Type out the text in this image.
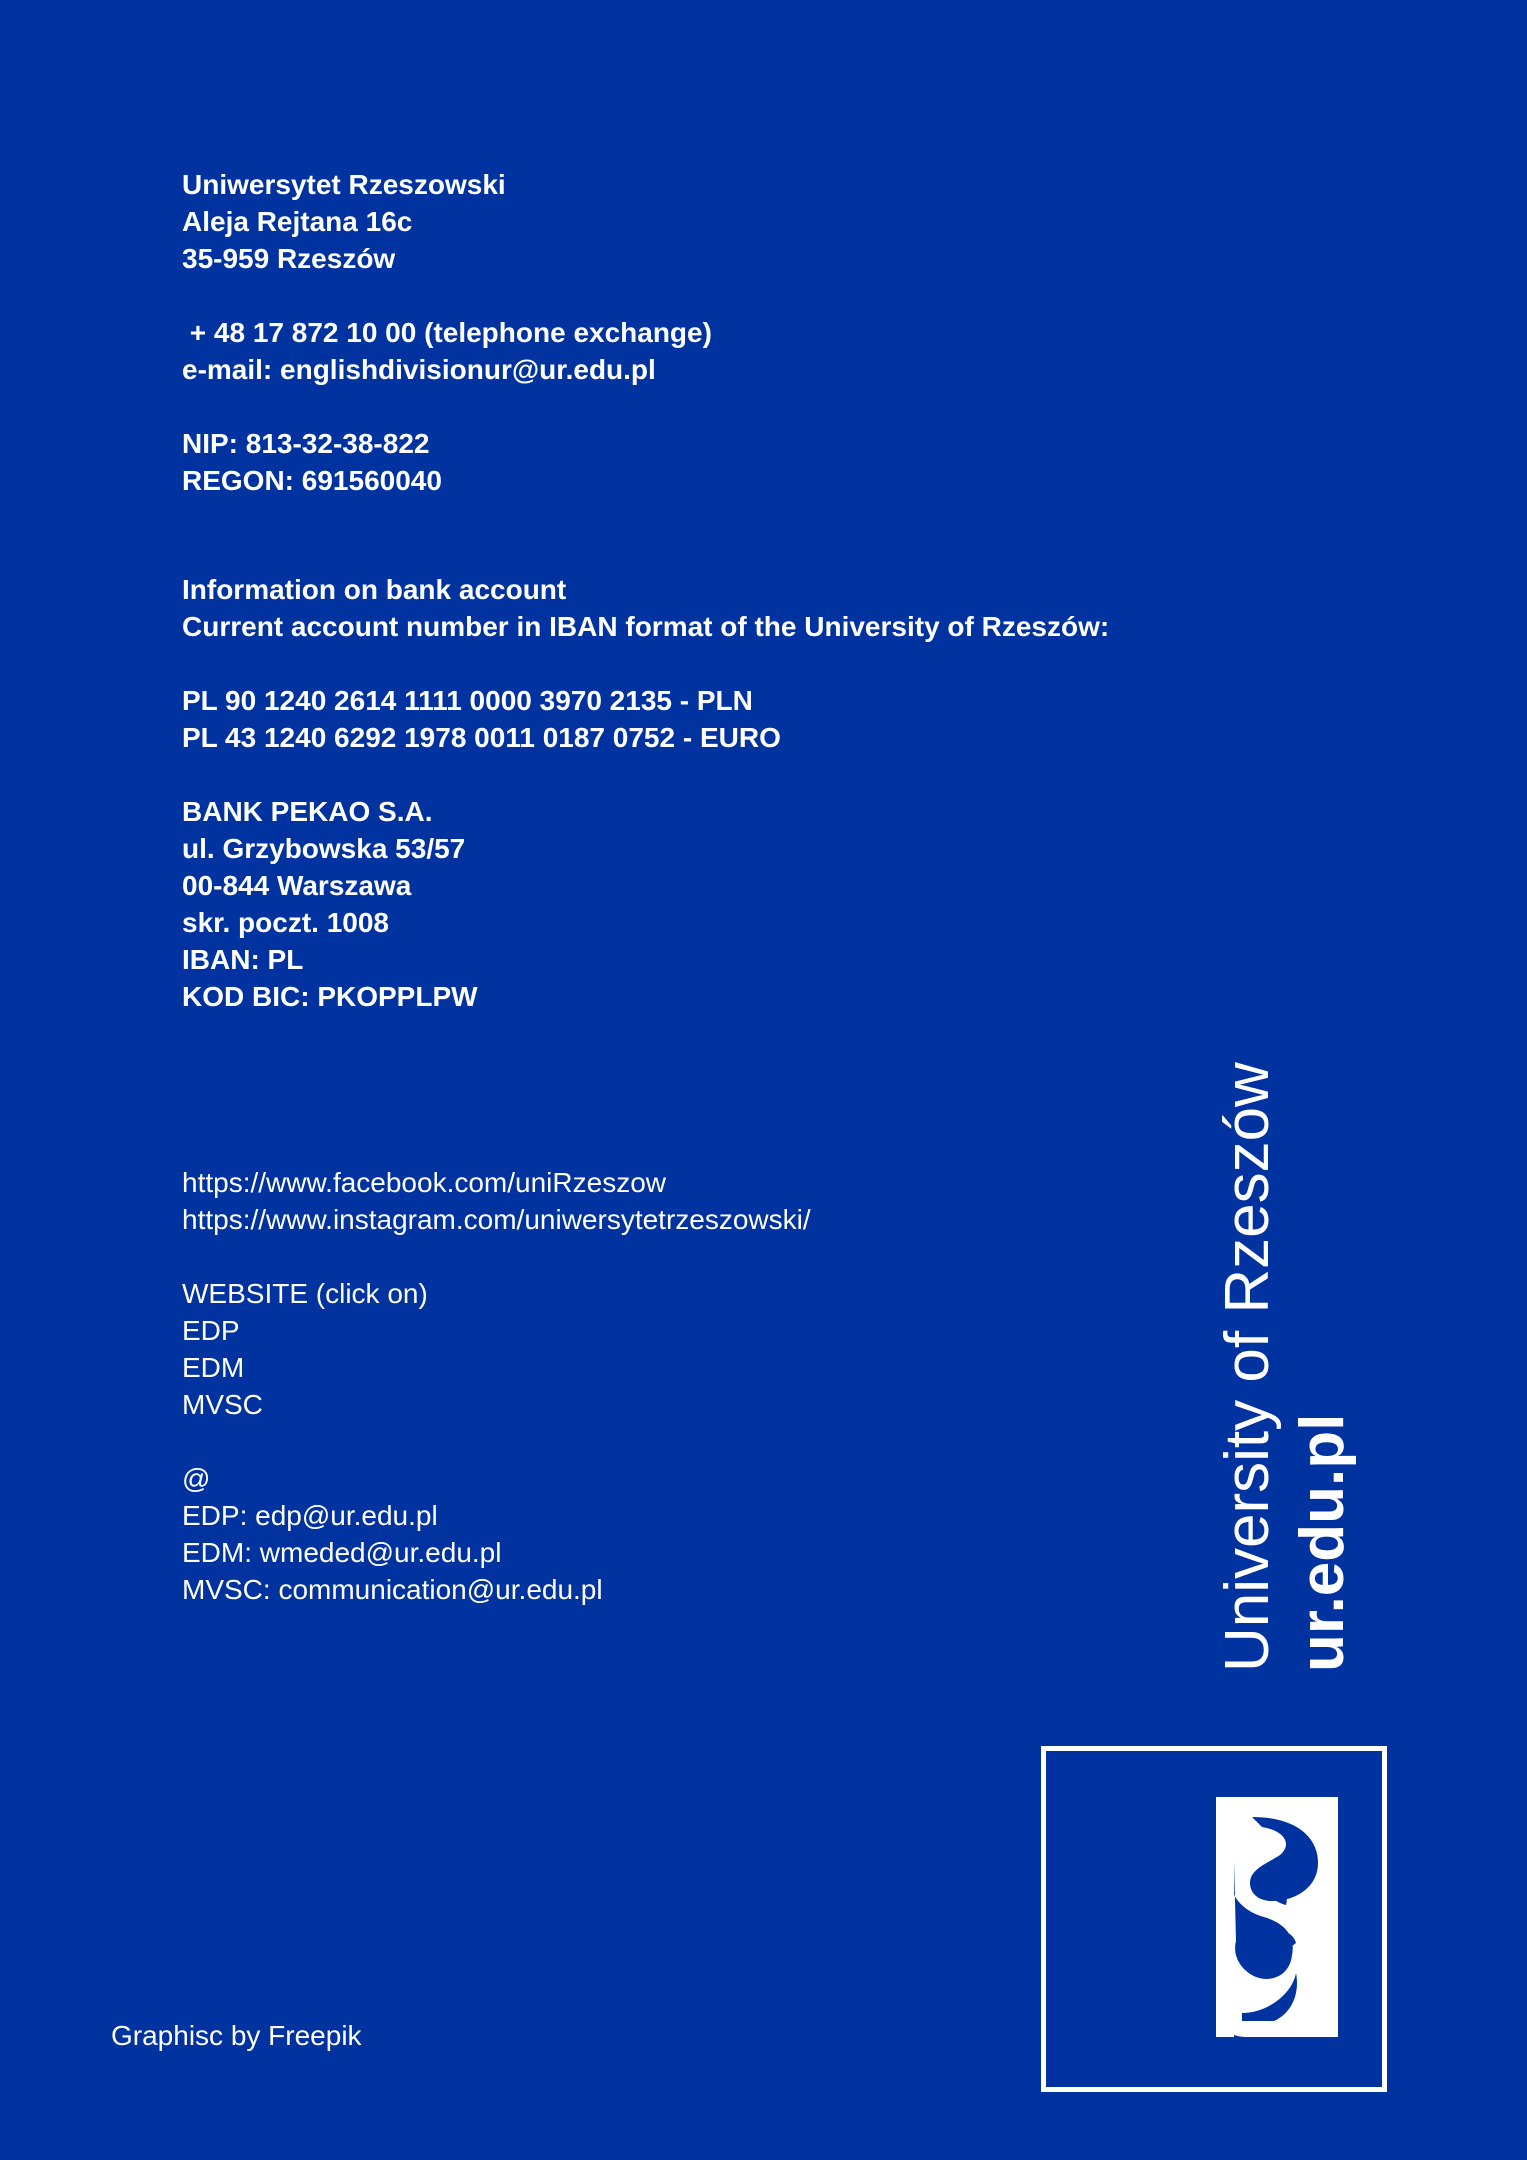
Uniwersytet Rzeszowski
Aleja Rejtana 16c
35-959 Rzeszów
+ 48 17 872 10 00 (telephone exchange)
e-mail: englishdivisionur@ur.edu.pl
NIP: 813-32-38-822
REGON: 691560040
Information on bank account
Current account number in IBAN format of the University of Rzeszów:
PL 90 1240 2614 1111 0000 3970 2135 - PLN
PL 43 1240 6292 1978 0011 0187 0752 - EURO
BANK PEKAO S.A.
ul. Grzybowska 53/57
00-844 Warszawa
skr. poczt. 1008
IBAN: PL
KOD BIC: PKOPPLPW
https://www.facebook.com/uniRzeszow
https://www.instagram.com/uniwersytetrzeszowski/
WEBSITE (click on)
EDP
EDM
MVSC
@
EDP: edp@ur.edu.pl
EDM: wmeded@ur.edu.pl
MVSC: communication@ur.edu.pl
Graphisc by Freepik
University of Rzeszów ur.edu.pl
